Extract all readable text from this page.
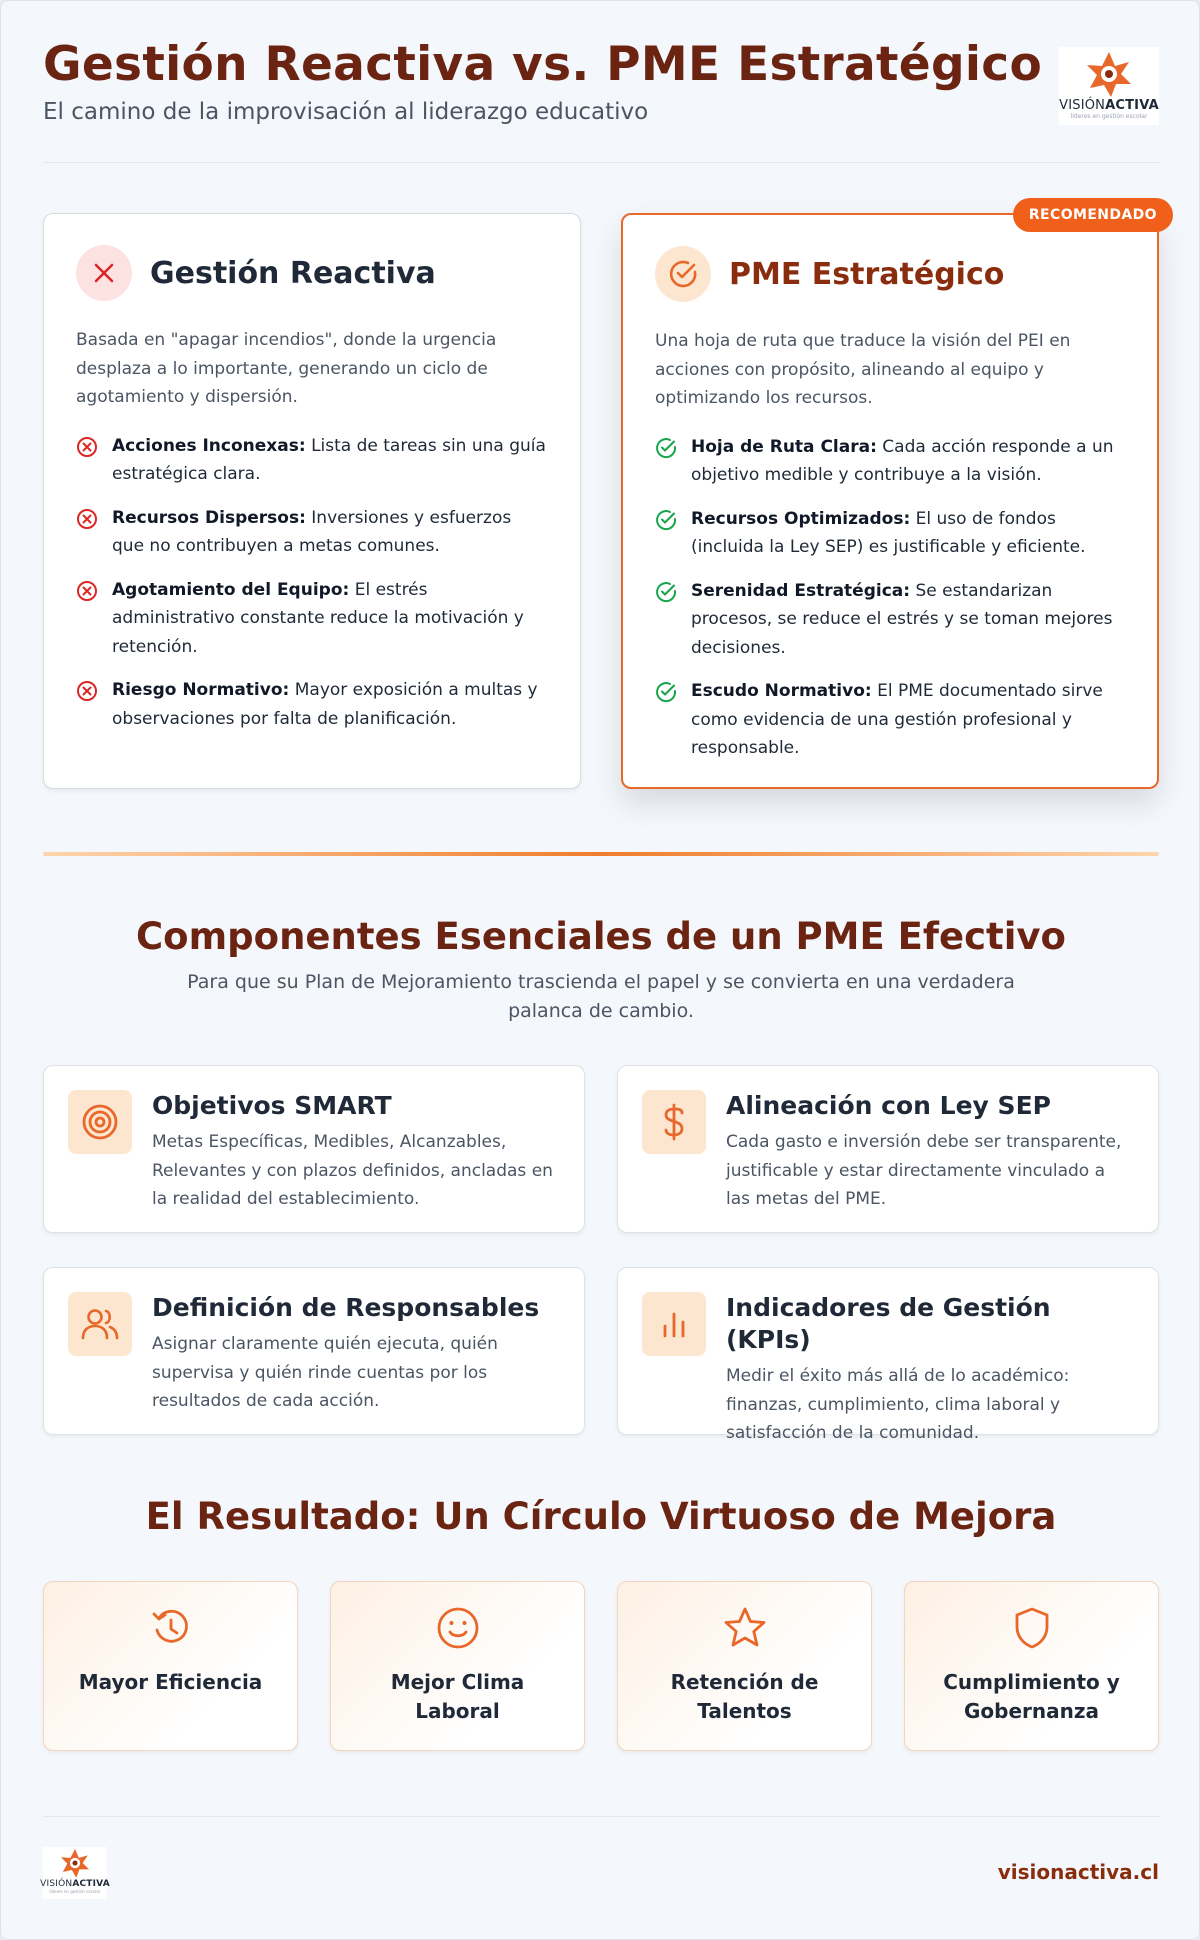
Gestión Reactiva vs. PME Estratégico
El camino de la improvisación al liderazgo educativo	VISIÓNACTIVA
líderes en gestión escolar
Gestión Reactiva
Basada en "apagar incendios", donde la urgencia desplaza a lo importante, generando un ciclo de agotamiento y dispersión.
Acciones Inconexas: Lista de tareas sin una guía estratégica clara.
Recursos Dispersos: Inversiones y esfuerzos que no contribuyen a metas comunes.
Agotamiento del Equipo: El estrés administrativo constante reduce la motivación y retención.
Riesgo Normativo: Mayor exposición a multas y observaciones por falta de planificación.
RECOMENDADO
PME Estratégico
Una hoja de ruta que traduce la visión del PEI en acciones con propósito, alineando al equipo y optimizando los recursos.
Hoja de Ruta Clara: Cada acción responde a un objetivo medible y contribuye a la visión.
Recursos Optimizados: El uso de fondos (incluida la Ley SEP) es justificable y eficiente.
Serenidad Estratégica: Se estandarizan procesos, se reduce el estrés y se toman mejores decisiones.
Escudo Normativo: El PME documentado sirve como evidencia de una gestión profesional y responsable.
Componentes Esenciales de un PME Efectivo
Para que su Plan de Mejoramiento trascienda el papel y se convierta en una verdadera palanca de cambio.
Objetivos SMART
Metas Específicas, Medibles, Alcanzables, Relevantes y con plazos definidos, ancladas en la realidad del establecimiento.
Alineación con Ley SEP
Cada gasto e inversión debe ser transparente, justificable y estar directamente vinculado a las metas del PME.
Definición de Responsables
Asignar claramente quién ejecuta, quién supervisa y quién rinde cuentas por los resultados de cada acción.
Indicadores de Gestión (KPIs)
Medir el éxito más allá de lo académico: finanzas, cumplimiento, clima laboral y satisfacción de la comunidad.
El Resultado: Un Círculo Virtuoso de Mejora
Mayor Eficiencia	Mejor Clima Laboral
Retención de Talentos
Cumplimiento y Gobernanza
VISIÓNACTIVA
líderes en gestión escolar
visionactiva.cl
